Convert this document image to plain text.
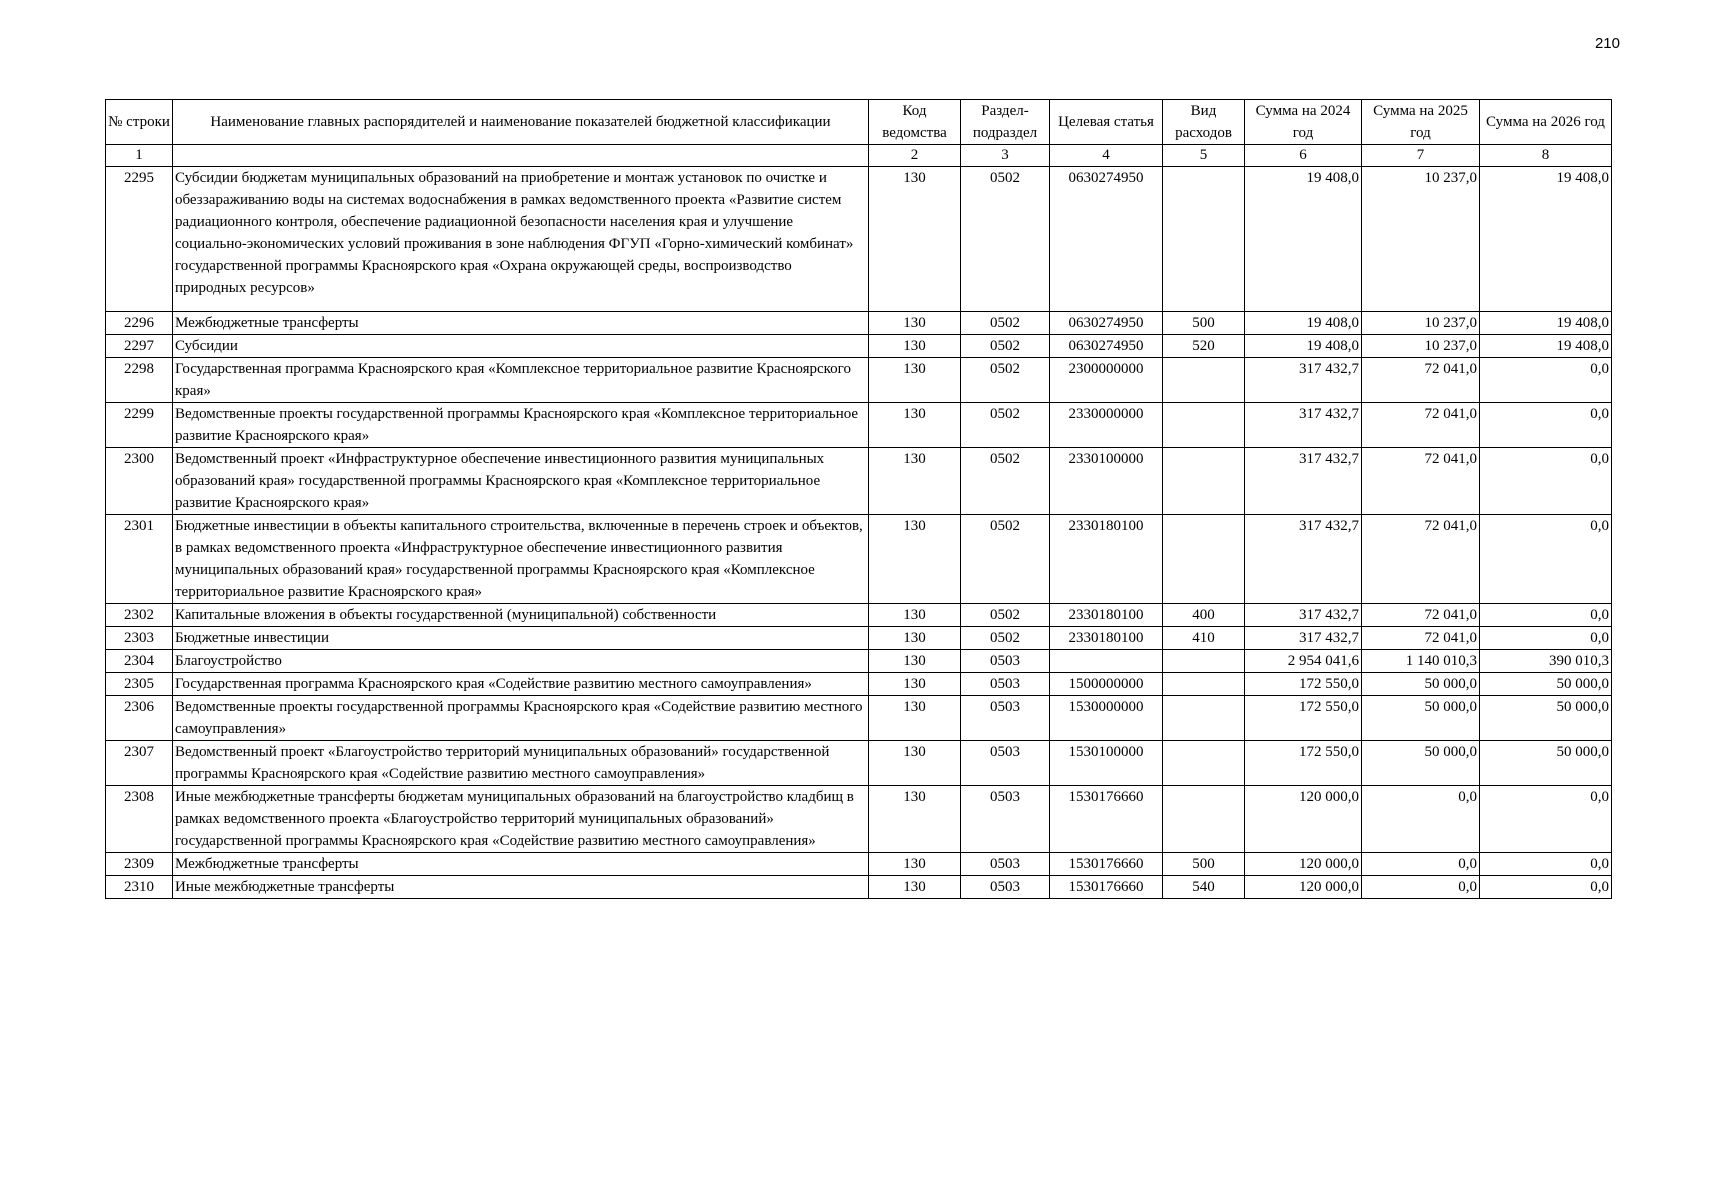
210
№ строки	Наименование главных распорядителей и наименование показателей бюджетной классификации	Код ведомства	Раздел-подраздел	Целевая статья	Вид расходов	Сумма на 2024 год	Сумма на 2025 год	Сумма на 2026 год
1		2	3	4	5	6	7	8
2295	Субсидии бюджетам муниципальных образований на приобретение и монтаж установок по очистке и обеззараживанию воды на системах водоснабжения в рамках ведомственного проекта «Развитие систем радиационного контроля, обеспечение радиационной безопасности населения края и улучшение социально-экономических условий проживания в зоне наблюдения ФГУП «Горно-химический комбинат» государственной программы Красноярского края «Охрана окружающей среды, воспроизводство природных ресурсов»	130	0502	0630274950		19 408,0	10 237,0	19 408,0
2296	Межбюджетные трансферты	130	0502	0630274950	500	19 408,0	10 237,0	19 408,0
2297	Субсидии	130	0502	0630274950	520	19 408,0	10 237,0	19 408,0
2298	Государственная программа Красноярского края «Комплексное территориальное развитие Красноярского края»	130	0502	2300000000		317 432,7	72 041,0	0,0
2299	Ведомственные проекты государственной программы Красноярского края «Комплексное территориальное развитие Красноярского края»	130	0502	2330000000		317 432,7	72 041,0	0,0
2300	Ведомственный проект «Инфраструктурное обеспечение инвестиционного развития муниципальных образований края» государственной программы Красноярского края «Комплексное территориальное развитие Красноярского края»	130	0502	2330100000		317 432,7	72 041,0	0,0
2301	Бюджетные инвестиции в объекты капитального строительства, включенные в перечень строек и объектов, в рамках ведомственного проекта «Инфраструктурное обеспечение инвестиционного развития муниципальных образований края» государственной программы Красноярского края «Комплексное территориальное развитие Красноярского края»	130	0502	2330180100		317 432,7	72 041,0	0,0
2302	Капитальные вложения в объекты государственной (муниципальной) собственности	130	0502	2330180100	400	317 432,7	72 041,0	0,0
2303	Бюджетные инвестиции	130	0502	2330180100	410	317 432,7	72 041,0	0,0
2304	Благоустройство	130	0503			2 954 041,6	1 140 010,3	390 010,3
2305	Государственная программа Красноярского края «Содействие развитию местного самоуправления»	130	0503	1500000000		172 550,0	50 000,0	50 000,0
2306	Ведомственные проекты государственной программы Красноярского края «Содействие развитию местного самоуправления»	130	0503	1530000000		172 550,0	50 000,0	50 000,0
2307	Ведомственный проект «Благоустройство территорий муниципальных образований» государственной программы Красноярского края «Содействие развитию местного самоуправления»	130	0503	1530100000		172 550,0	50 000,0	50 000,0
2308	Иные межбюджетные трансферты бюджетам муниципальных образований на благоустройство кладбищ в рамках ведомственного проекта «Благоустройство территорий муниципальных образований» государственной программы Красноярского края «Содействие развитию местного самоуправления»	130	0503	1530176660		120 000,0	0,0	0,0
2309	Межбюджетные трансферты	130	0503	1530176660	500	120 000,0	0,0	0,0
2310	Иные межбюджетные трансферты	130	0503	1530176660	540	120 000,0	0,0	0,0
